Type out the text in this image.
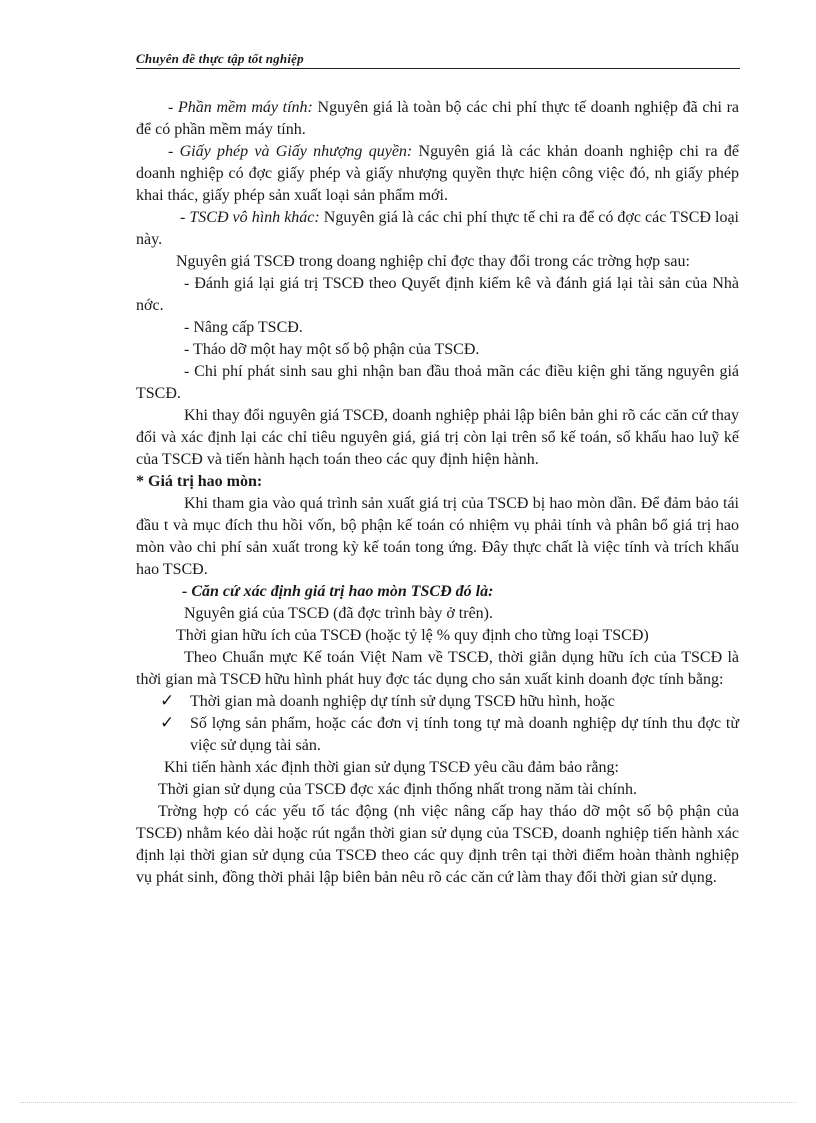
Chuyên đề thực tập tốt nghiệp

- Phần mềm máy tính: Nguyên giá là toàn bộ các chi phí thực tế doanh nghiệp đã chi ra để có phần mềm máy tính.

- Giấy phép và Giấy nhượng quyền: Nguyên giá là các khản doanh nghiệp chi ra để doanh nghiệp có đợc giấy phép và giấy nhượng quyền thực hiện công việc đó, nh giấy phép khai thác, giấy phép sản xuất loại sản phẩm mới.

- TSCĐ vô hình khác: Nguyên giá là các chi phí thực tế chi ra để có đợc các TSCĐ loại này.

Nguyên giá TSCĐ trong doang nghiệp chỉ đợc thay đổi trong các trờng hợp sau:

- Đánh giá lại giá trị TSCĐ theo Quyết định kiểm kê và đánh giá lại tài sản của Nhà nớc.

- Nâng cấp TSCĐ.

- Tháo dỡ một hay một số bộ phận của TSCĐ.

- Chi phí phát sinh sau ghi nhận ban đầu thoả mãn các điều kiện ghi tăng nguyên giá TSCĐ.

Khi thay đổi nguyên giá TSCĐ, doanh nghiệp phải lập biên bản ghi rõ các căn cứ thay đổi và xác định lại các chỉ tiêu nguyên giá, giá trị còn lại trên sổ kế toán, số khấu hao luỹ kế của TSCĐ và tiến hành hạch toán theo các quy định hiện hành.

* Giá trị hao mòn:

Khi tham gia vào quá trình sản xuất giá trị của TSCĐ bị hao mòn dần. Để đảm bảo tái đầu t và mục đích thu hồi vốn, bộ phận kế toán có nhiệm vụ phải tính và phân bổ giá trị hao mòn vào chi phí sản xuất trong kỳ kế toán tong ứng. Đây thực chất là việc tính và trích khấu hao TSCĐ.

- Căn cứ xác định giá trị hao mòn TSCĐ đó là:

Nguyên giá của TSCĐ (đã đợc trình bày ở trên).

Thời gian hữu ích của TSCĐ (hoặc tỷ lệ % quy định cho từng loại TSCĐ)

Theo Chuẩn mực Kế toán Việt Nam về TSCĐ, thời giẳn dụng hữu ích của TSCĐ là thời gian mà TSCĐ hữu hình phát huy đợc tác dụng cho sản xuất kinh doanh đợc tính bằng:

✓ Thời gian mà doanh nghiệp dự tính sử dụng TSCĐ hữu hình, hoặc

✓ Số lợng sản phẩm, hoặc các đơn vị tính tong tự mà doanh nghiệp dự tính thu đợc từ việc sử dụng tài sản.

Khi tiến hành xác định thời gian sử dụng TSCĐ yêu cầu đảm bảo rằng:

Thời gian sử dụng của TSCĐ đợc xác định thống nhất trong năm tài chính.

Trờng hợp có các yếu tố tác động (nh việc nâng cấp hay tháo dỡ một số bộ phận của TSCĐ) nhằm kéo dài hoặc rút ngắn thời gian sử dụng của TSCĐ, doanh nghiệp tiến hành xác định lại thời gian sử dụng của TSCĐ theo các quy định trên tại thời điểm hoàn thành nghiệp vụ phát sinh, đồng thời phải lập biên bản nêu rõ các căn cứ làm thay đổi thời gian sử dụng.
